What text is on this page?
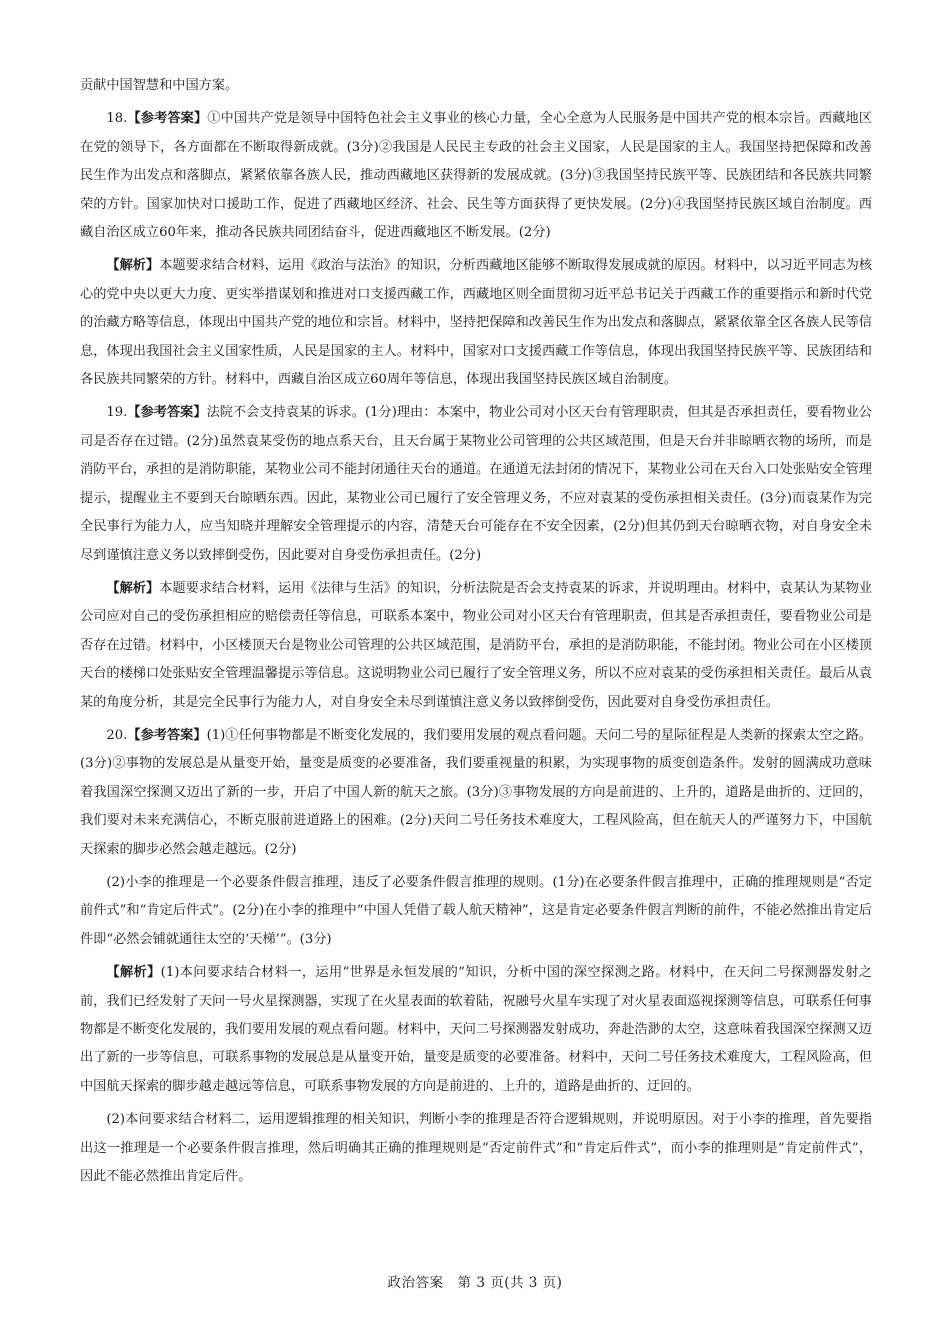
贡献中国智慧和中国方案。

18.【参考答案】①中国共产党是领导中国特色社会主义事业的核心力量，全心全意为人民服务是中国共产党的根本宗旨。西藏地区在党的领导下，各方面都在不断取得新成就。(3分)②我国是人民民主专政的社会主义国家，人民是国家的主人。我国坚持把保障和改善民生作为出发点和落脚点，紧紧依靠各族人民，推动西藏地区获得新的发展成就。(3分)③我国坚持民族平等、民族团结和各民族共同繁荣的方针。国家加快对口援助工作，促进了西藏地区经济、社会、民生等方面获得了更快发展。(2分)④我国坚持民族区域自治制度。西藏自治区成立60年来，推动各民族共同团结奋斗，促进西藏地区不断发展。(2分)

【解析】本题要求结合材料，运用《政治与法治》的知识，分析西藏地区能够不断取得发展成就的原因。材料中，以习近平同志为核心的党中央以更大力度、更实举措谋划和推进对口支援西藏工作，西藏地区则全面贯彻习近平总书记关于西藏工作的重要指示和新时代党的治藏方略等信息，体现出中国共产党的地位和宗旨。材料中，坚持把保障和改善民生作为出发点和落脚点，紧紧依靠全区各族人民等信息，体现出我国社会主义国家性质，人民是国家的主人。材料中，国家对口支援西藏工作等信息，体现出我国坚持民族平等、民族团结和各民族共同繁荣的方针。材料中，西藏自治区成立60周年等信息，体现出我国坚持民族区域自治制度。

19.【参考答案】法院不会支持袁某的诉求。(1分)理由：本案中，物业公司对小区天台有管理职责，但其是否承担责任，要看物业公司是否存在过错。(2分)虽然袁某受伤的地点系天台，且天台属于某物业公司管理的公共区域范围，但是天台并非晾晒衣物的场所，而是消防平台，承担的是消防职能，某物业公司不能封闭通往天台的通道。在通道无法封闭的情况下，某物业公司在天台入口处张贴安全管理提示，提醒业主不要到天台晾晒东西。因此，某物业公司已履行了安全管理义务，不应对袁某的受伤承担相关责任。(3分)而袁某作为完全民事行为能力人，应当知晓并理解安全管理提示的内容，清楚天台可能存在不安全因素，(2分)但其仍到天台晾晒衣物，对自身安全未尽到谨慎注意义务以致摔倒受伤，因此要对自身受伤承担责任。(2分)

【解析】本题要求结合材料，运用《法律与生活》的知识，分析法院是否会支持袁某的诉求，并说明理由。材料中，袁某认为某物业公司应对自己的受伤承担相应的赔偿责任等信息，可联系本案中，物业公司对小区天台有管理职责，但其是否承担责任，要看物业公司是否存在过错。材料中，小区楼顶天台是物业公司管理的公共区域范围，是消防平台，承担的是消防职能，不能封闭。物业公司在小区楼顶天台的楼梯口处张贴安全管理温馨提示等信息。这说明物业公司已履行了安全管理义务，所以不应对袁某的受伤承担相关责任。最后从袁某的角度分析，其是完全民事行为能力人，对自身安全未尽到谨慎注意义务以致摔倒受伤，因此要对自身受伤承担责任。

20.【参考答案】(1)①任何事物都是不断变化发展的，我们要用发展的观点看问题。天问二号的星际征程是人类新的探索太空之路。(3分)②事物的发展总是从量变开始，量变是质变的必要准备，我们要重视量的积累，为实现事物的质变创造条件。发射的圆满成功意味着我国深空探测又迈出了新的一步，开启了中国人新的航天之旅。(3分)③事物发展的方向是前进的、上升的，道路是曲折的、迂回的，我们要对未来充满信心，不断克服前进道路上的困难。(2分)天问二号任务技术难度大，工程风险高，但在航天人的严谨努力下，中国航天探索的脚步必然会越走越远。(2分)

(2)小李的推理是一个必要条件假言推理，违反了必要条件假言推理的规则。(1分)在必要条件假言推理中，正确的推理规则是“否定前件式”和“肯定后件式”。(2分)在小李的推理中“中国人凭借了载人航天精神”，这是肯定必要条件假言判断的前件，不能必然推出肯定后件即“必然会铺就通往太空的‘天梯’”。(3分)

【解析】(1)本问要求结合材料一，运用“世界是永恒发展的”知识，分析中国的深空探测之路。材料中，在天问二号探测器发射之前，我们已经发射了天问一号火星探测器，实现了在火星表面的软着陆，祝融号火星车实现了对火星表面巡视探测等信息，可联系任何事物都是不断变化发展的，我们要用发展的观点看问题。材料中，天问二号探测器发射成功，奔赴浩渺的太空，这意味着我国深空探测又迈出了新的一步等信息，可联系事物的发展总是从量变开始，量变是质变的必要准备。材料中，天问二号任务技术难度大，工程风险高，但中国航天探索的脚步越走越远等信息，可联系事物发展的方向是前进的、上升的，道路是曲折的、迂回的。

(2)本问要求结合材料二，运用逻辑推理的相关知识，判断小李的推理是否符合逻辑规则，并说明原因。对于小李的推理，首先要指出这一推理是一个必要条件假言推理，然后明确其正确的推理规则是“否定前件式”和“肯定后件式”，而小李的推理则是“肯定前件式”，因此不能必然推出肯定后件。

政治答案　第 3 页(共 3 页)
